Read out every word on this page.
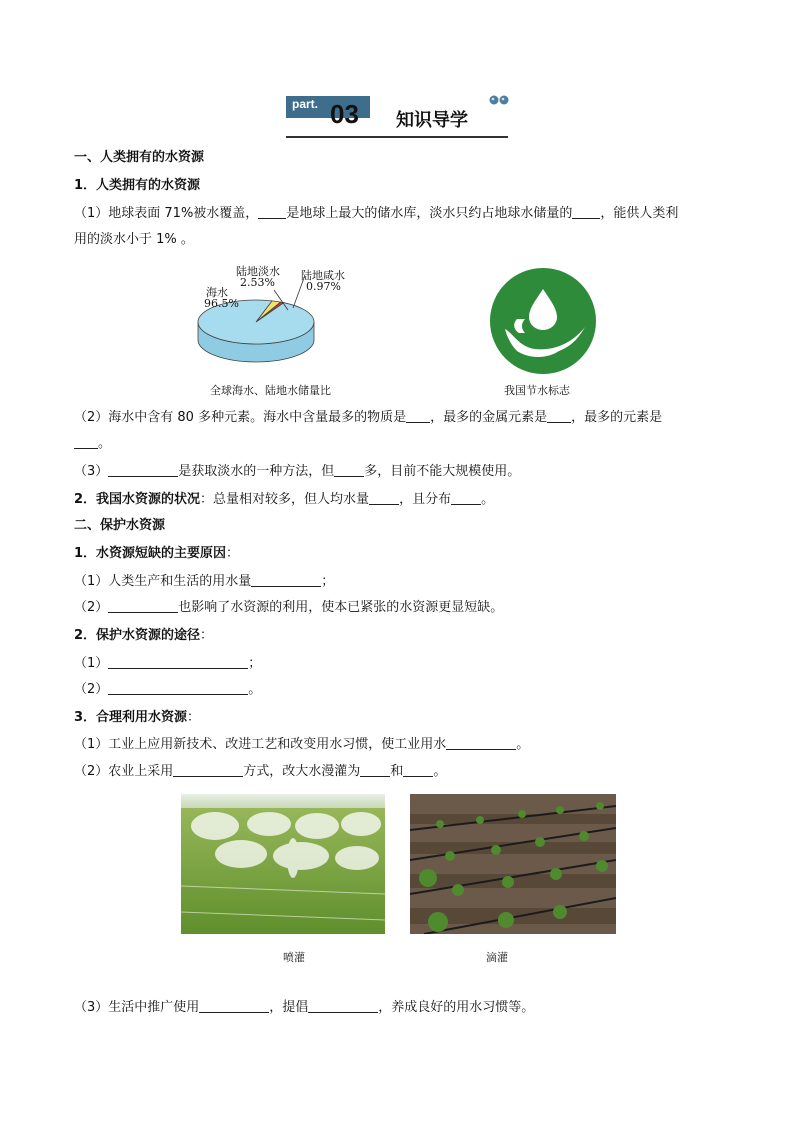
part. 03 知识导学
一、人类拥有的水资源
1．人类拥有的水资源
（1）地球表面 71%被水覆盖， 是地球上最大的储水库，淡水只约占地球水储量的 ，能供人类利
用的淡水小于 1% 。
海水
96.5%
陆地淡水
2.53%
陆地咸水
0.97%
全球海水、陆地水储量比	我国节水标志
（2）海水中含有 80 多种元素。海水中含量最多的物质是 ，最多的金属元素是 ，最多的元素是
。
（3）	是获取淡水的一种方法，但 多，目前不能大规模使用。
2．我国水资源的状况：总量相对较多，但人均水量 ，且分布 。
二、保护水资源
1．水资源短缺的主要原因：
（1）人类生产和生活的用水量	；
（2）	也影响了水资源的利用，使本已紧张的水资源更显短缺。
2．保护水资源的途径：
（1）	；
（2）	。
3．合理利用水资源：
（1）工业上应用新技术、改进工艺和改变用水习惯，使工业用水	。
（2）农业上采用	方式，改大水漫灌为 和 。
喷灌	滴灌
（3）生活中推广使用	，提倡	，养成良好的用水习惯等。
